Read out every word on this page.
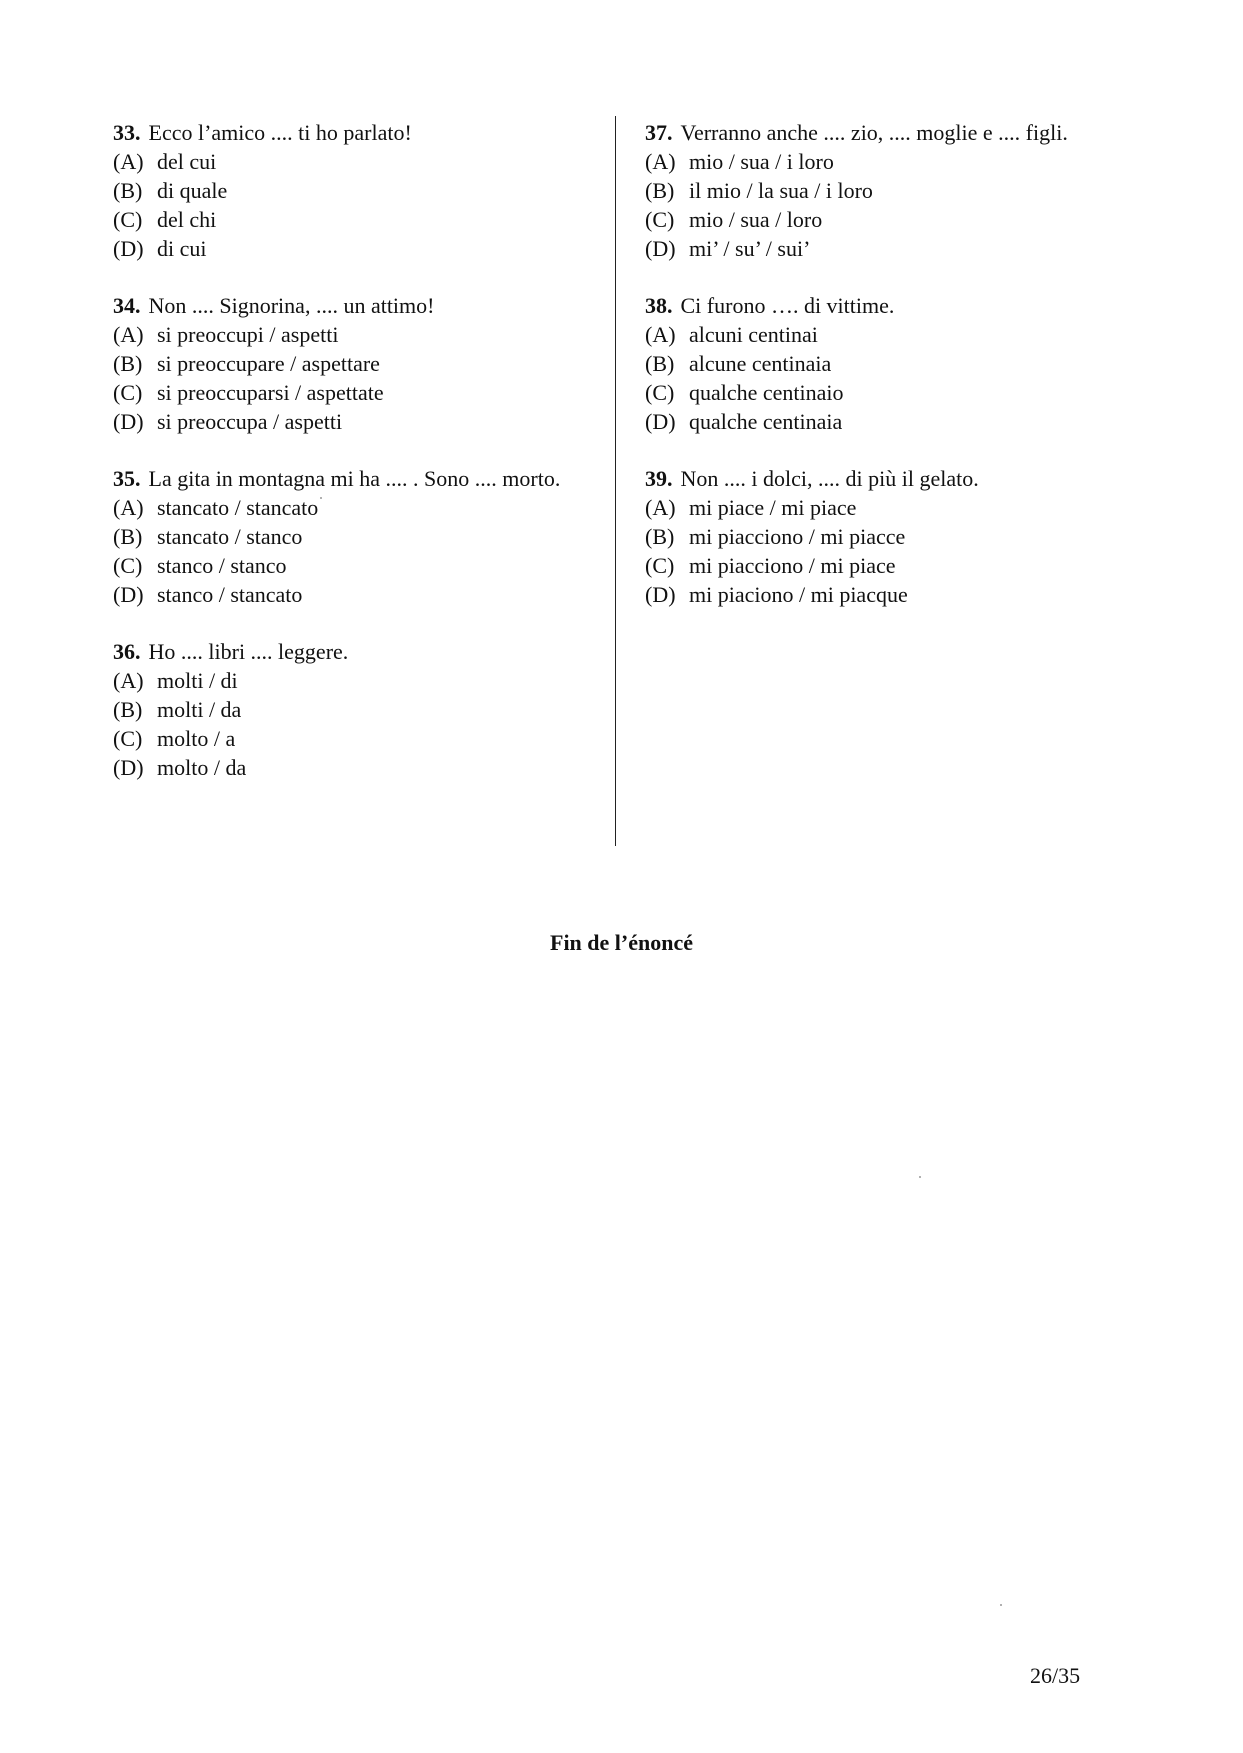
33. Ecco l’amico .... ti ho parlato!
(A) del cui
(B) di quale
(C) del chi
(D) di cui
34. Non .... Signorina, .... un attimo!
(A) si preoccupi / aspetti
(B) si preoccupare / aspettare
(C) si preoccuparsi / aspettate
(D) si preoccupa / aspetti
35. La gita in montagna mi ha .... . Sono .... morto.
(A) stancato / stancato
(B) stancato / stanco
(C) stanco / stanco
(D) stanco / stancato
36. Ho .... libri .... leggere.
(A) molti / di
(B) molti / da
(C) molto / a
(D) molto / da
37. Verranno anche .... zio, .... moglie e .... figli.
(A) mio / sua / i loro
(B) il mio / la sua / i loro
(C) mio / sua / loro
(D) mi’ / su’ / sui’
38. Ci furono …. di vittime.
(A) alcuni centinai
(B) alcune centinaia
(C) qualche centinaio
(D) qualche centinaia
39. Non .... i dolci, .... di più il gelato.
(A) mi piace / mi piace
(B) mi piacciono / mi piacce
(C) mi piacciono / mi piace
(D) mi piaciono / mi piacque
Fin de l’énoncé
26/35
